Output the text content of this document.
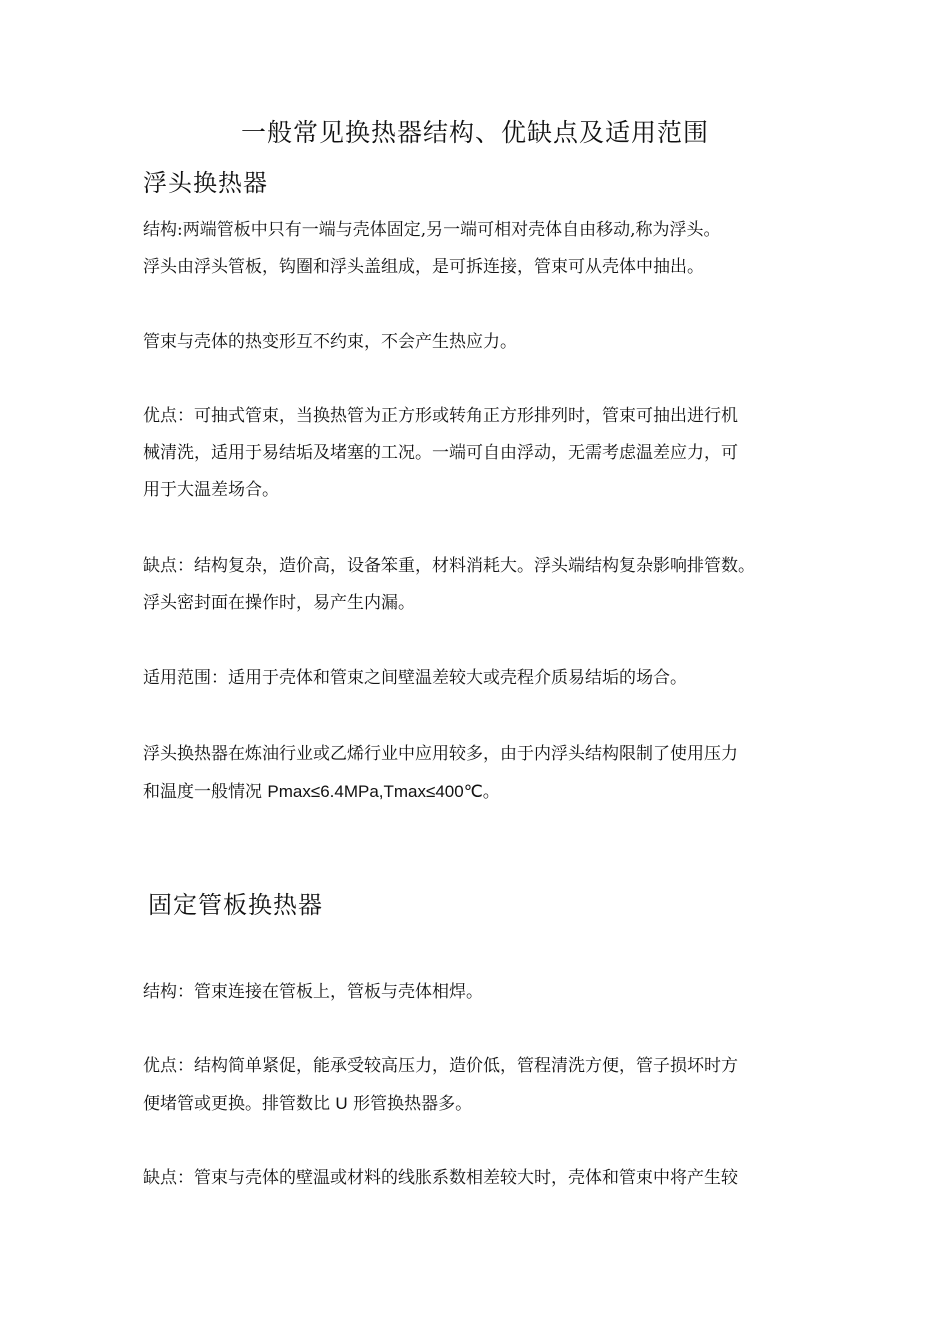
一般常见换热器结构、优缺点及适用范围
浮头换热器
结构:两端管板中只有一端与壳体固定,另一端可相对壳体自由移动,称为浮头。
浮头由浮头管板，钩圈和浮头盖组成，是可拆连接，管束可从壳体中抽出。
管束与壳体的热变形互不约束，不会产生热应力。
优点：可抽式管束，当换热管为正方形或转角正方形排列时，管束可抽出进行机
械清洗，适用于易结垢及堵塞的工况。一端可自由浮动，无需考虑温差应力，可
用于大温差场合。
缺点：结构复杂，造价高，设备笨重，材料消耗大。浮头端结构复杂影响排管数。
浮头密封面在操作时，易产生内漏。
适用范围：适用于壳体和管束之间壁温差较大或壳程介质易结垢的场合。
浮头换热器在炼油行业或乙烯行业中应用较多，由于内浮头结构限制了使用压力
和温度一般情况 Pmax≤6.4MPa,Tmax≤400℃。
固定管板换热器
结构：管束连接在管板上，管板与壳体相焊。
优点：结构简单紧促，能承受较高压力，造价低，管程清洗方便，管子损坏时方
便堵管或更换。排管数比 U 形管换热器多。
缺点：管束与壳体的壁温或材料的线胀系数相差较大时，壳体和管束中将产生较
